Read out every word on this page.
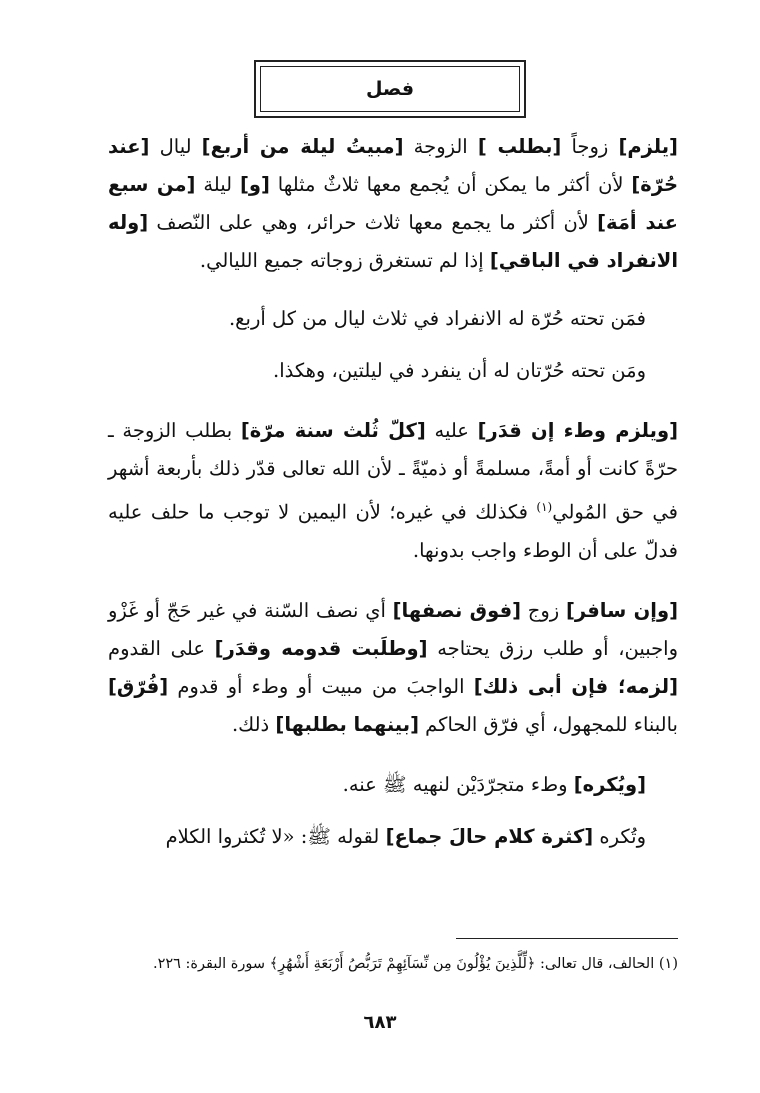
فصل

[يلزم] زوجاً [بطلب ] الزوجة [مبيتُ ليلة من أربع] ليال [عند حُرّة] لأن أكثر ما يمكن أن يُجمع معها ثلاثٌ مثلها [و] ليلة [من سبع عند أمَة] لأن أكثر ما يجمع معها ثلاث حرائر، وهي على النّصف [وله الانفراد في الباقي] إذا لم تستغرق زوجاته جميع الليالي.

فمَن تحته حُرّة له الانفراد في ثلاث ليال من كل أربع.

ومَن تحته حُرّتان له أن ينفرد في ليلتين، وهكذا.

[ويلزم وطء إن قدَر] عليه [كلّ ثُلث سنة مرّة] بطلب الزوجة ـ حرّةً كانت أو أمةً، مسلمةً أو ذميّةً ـ لأن الله تعالى قدّر ذلك بأربعة أشهر في حق المُولي$^{(١)}$ فكذلك في غيره؛ لأن اليمين لا توجب ما حلف عليه فدلّ على أن الوطء واجب بدونها.

[وإن سافر] زوج [فوق نصفها] أي نصف السّنة في غير حَجّ أو غَزْو واجبين، أو طلب رزق يحتاجه [وطلَبت قدومه وقدَر] على القدوم [لزمه؛ فإن أبى ذلك] الواجبَ من مبيت أو وطء أو قدوم [فُرّق] بالبناء للمجهول، أي فرّق الحاكم [بينهما بطلبها] ذلك.

[ويُكره] وطء متجرّدَيْن لنهيه ﷺ عنه.

وتُكره [كثرة كلام حالَ جماع] لقوله ﷺ: «لا تُكثروا الكلام

(١) الحالف، قال تعالى: ﴿لِّلَّذِينَ يُؤْلُونَ مِن نِّسَآئِهِمْ تَرَبُّصُ أَرْبَعَةِ أَشْهُرٍ﴾ سورة البقرة: ٢٢٦.
٦٨٣
